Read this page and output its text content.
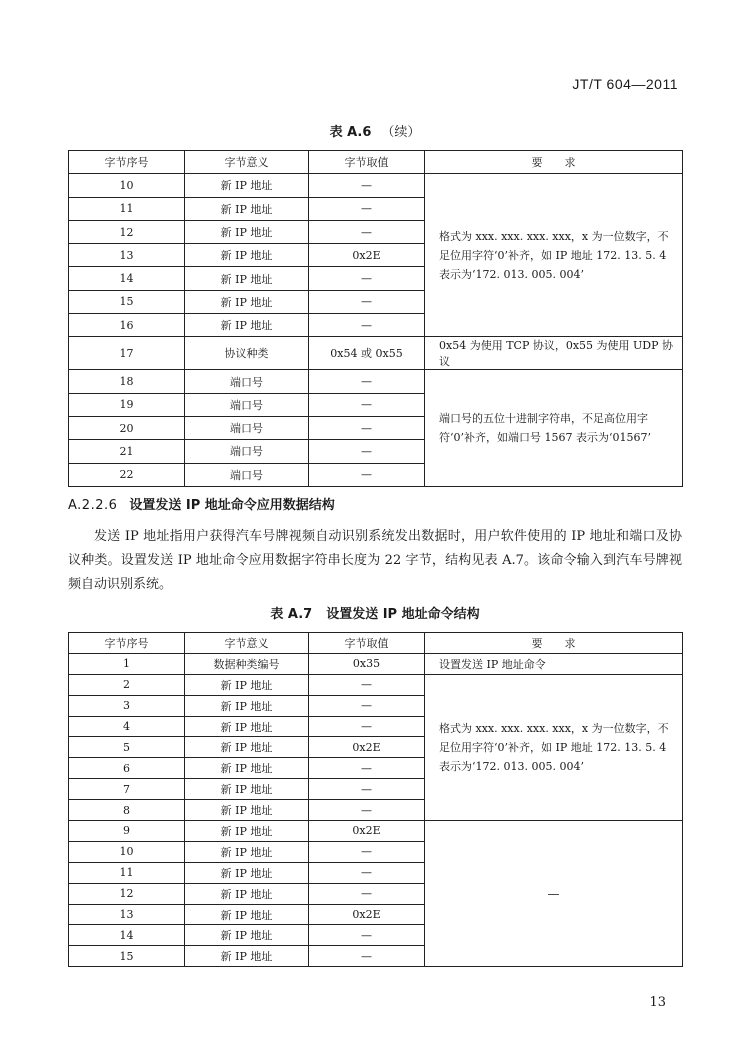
JT/T 604—2011
表 A.6 （续）
字节序号	字节意义	字节取值	要　　求
10	新 IP 地址	—	格式为 xxx. xxx. xxx. xxx，x 为一位数字，不足位用字符‘0’补齐，如 IP 地址 172. 13. 5. 4 表示为‘172. 013. 005. 004’
11	新 IP 地址	—	
12	新 IP 地址	—	
13	新 IP 地址	0x2E	
14	新 IP 地址	—	
15	新 IP 地址	—	
16	新 IP 地址	—	
17	协议种类	0x54 或 0x55	0x54 为使用 TCP 协议，0x55 为使用 UDP 协议
18	端口号	—	端口号的五位十进制字符串，不足高位用字符‘0’补齐，如端口号 1567 表示为‘01567’
19	端口号	—	
20	端口号	—	
21	端口号	—	
22	端口号	—	
A.2.2.6 设置发送 IP 地址命令应用数据结构
发送 IP 地址指用户获得汽车号牌视频自动识别系统发出数据时，用户软件使用的 IP 地址和端口及协议种类。设置发送 IP 地址命令应用数据字符串长度为 22 字节，结构见表 A.7。该命令输入到汽车号牌视频自动识别系统。
表 A.7 设置发送 IP 地址命令结构
字节序号	字节意义	字节取值	要　　求
1	数据种类编号	0x35	设置发送 IP 地址命令
2	新 IP 地址	—	格式为 xxx. xxx. xxx. xxx，x 为一位数字，不足位用字符‘0’补齐，如 IP 地址 172. 13. 5. 4 表示为‘172. 013. 005. 004’
3	新 IP 地址	—	
4	新 IP 地址	—	
5	新 IP 地址	0x2E	
6	新 IP 地址	—	
7	新 IP 地址	—	
8	新 IP 地址	—	
9	新 IP 地址	0x2E	—
10	新 IP 地址	—	
11	新 IP 地址	—	
12	新 IP 地址	—	
13	新 IP 地址	0x2E	
14	新 IP 地址	—	
15	新 IP 地址	—	
13
